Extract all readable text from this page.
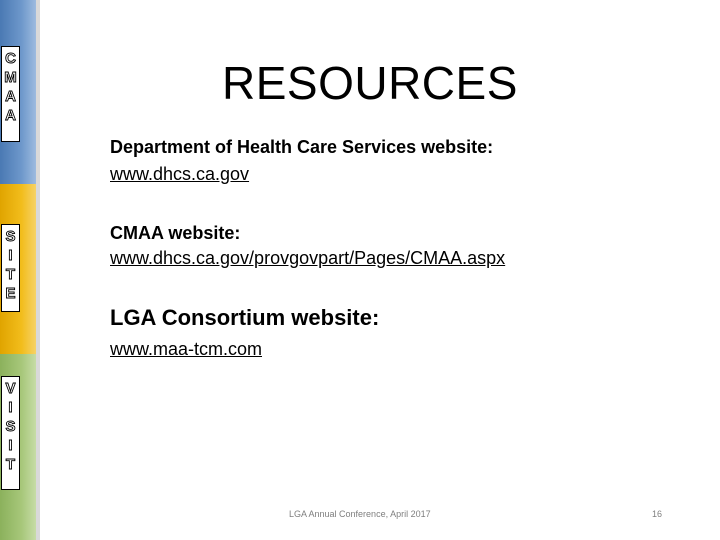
C
M
A
A
S
I
T
E
V
I
S
I
T
RESOURCES

Department of Health Care Services website:

www.dhcs.ca.gov

CMAA website:

www.dhcs.ca.gov/provgovpart/Pages/CMAA.aspx

LGA Consortium website:

www.maa-tcm.com
LGA Annual Conference, April 2017	16
